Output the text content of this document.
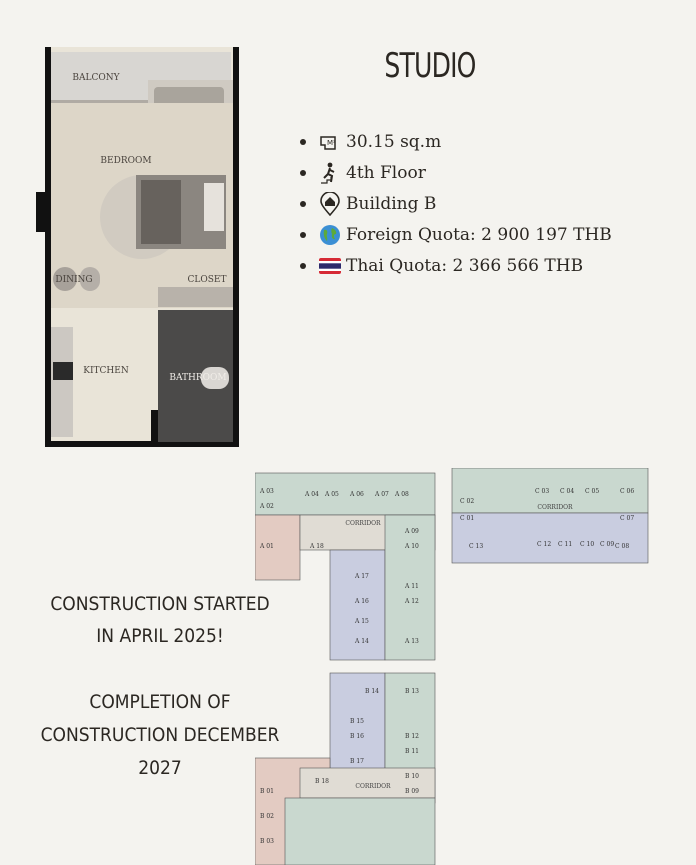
BALCONY
BEDROOM
DINING	CLOSET
KITCHEN
BATHROOM
STUDIO
M² 30.15 sq.m
4th Floor
Building B
Foreign Quota: 2 900 197 THB
Thai Quota: 2 366 566 THB
CONSTRUCTION STARTED
IN APRIL 2025!
COMPLETION OF
CONSTRUCTION DECEMBER
2027
CORRIDOR
CORRIDOR
CORRIDOR
A 01
A 02
A 03	A 04 A 05 A 06 A 07 A 08
A 09
A 10
A 11
A 12
A 13
A 14
A 15
A 16
A 17
A 18
B 01
B 02
B 03
B 09
B 10
B 11
B 12
B 13
B 14
B 15
B 16
B 17
B 18
C 01
C 02
C 03 C 04 C 05	C 06
C 07
C 08
C 09
C 10
C 11
C 12
C 13
